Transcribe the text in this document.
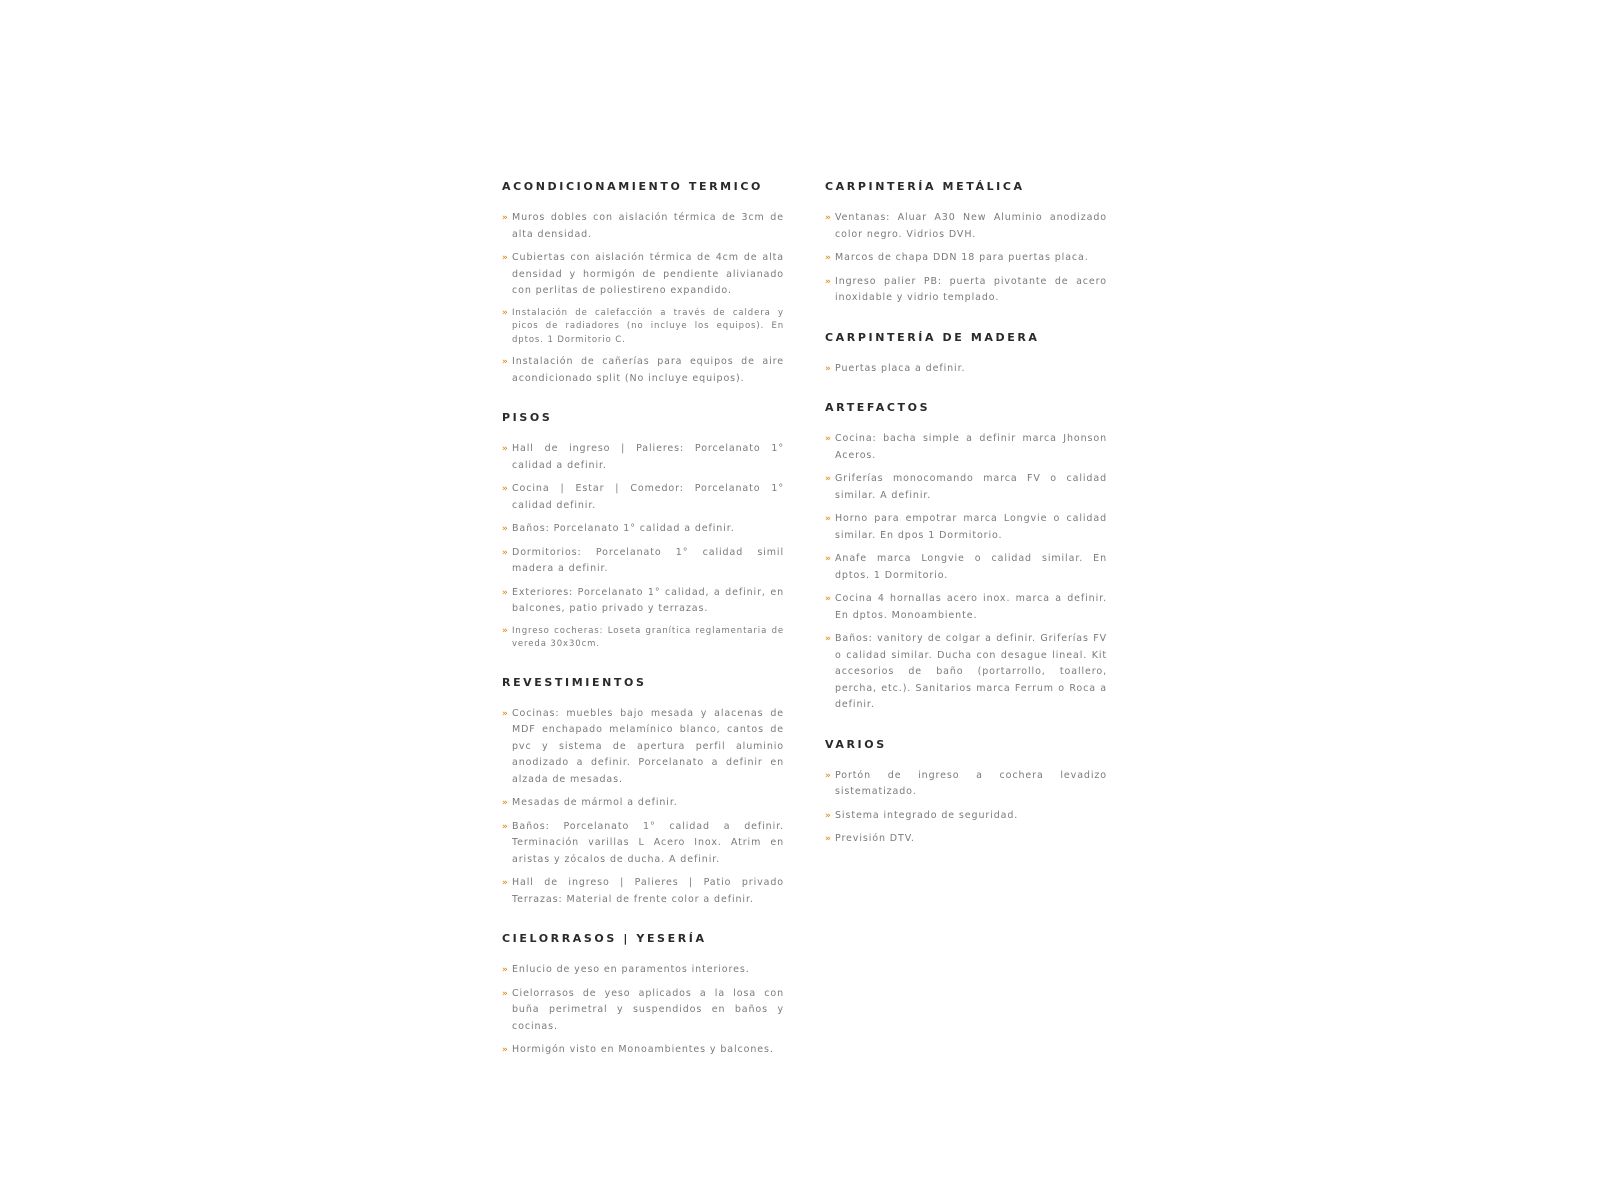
ACONDICIONAMIENTO TERMICO
» Muros dobles con aislación térmica de 3cm de alta densidad.
» Cubiertas con aislación térmica de 4cm de alta densidad y hormigón de pendiente alivianado con perlitas de poliestireno expandido.
» Instalación de calefacción a través de caldera y picos de radiadores (no incluye los equipos). En dptos. 1 Dormitorio C.
» Instalación de cañerías para equipos de aire acondicionado split (No incluye equipos).
PISOS
» Hall de ingreso | Palieres: Porcelanato 1° calidad a definir.
» Cocina | Estar | Comedor: Porcelanato 1° calidad definir.
» Baños: Porcelanato 1° calidad a definir.
» Dormitorios: Porcelanato 1° calidad simil madera a definir.
» Exteriores: Porcelanato 1° calidad, a definir, en balcones, patio privado y terrazas.
» Ingreso cocheras: Loseta granítica reglamentaria de vereda 30x30cm.
REVESTIMIENTOS
» Cocinas: muebles bajo mesada y alacenas de MDF enchapado melamínico blanco, cantos de pvc y sistema de apertura perfil aluminio anodizado a definir. Porcelanato a definir en alzada de mesadas.
» Mesadas de mármol a definir.
» Baños: Porcelanato 1° calidad a definir. Terminación varillas L Acero Inox. Atrim en aristas y zócalos de ducha. A definir.
» Hall de ingreso | Palieres | Patio privado Terrazas: Material de frente color a definir.
CIELORRASOS | YESERÍA
» Enlucio de yeso en paramentos interiores.
» Cielorrasos de yeso aplicados a la losa con buña perimetral y suspendidos en baños y cocinas.
» Hormigón visto en Monoambientes y balcones.
CARPINTERÍA METÁLICA
» Ventanas: Aluar A30 New Aluminio anodizado color negro. Vidrios DVH.
» Marcos de chapa DDN 18 para puertas placa.
» Ingreso palier PB: puerta pivotante de acero inoxidable y vidrio templado.
CARPINTERÍA DE MADERA
» Puertas placa a definir.
ARTEFACTOS
» Cocina: bacha simple a definir marca Jhonson Aceros.
» Griferías monocomando marca FV o calidad similar. A definir.
» Horno para empotrar marca Longvie o calidad similar. En dpos 1 Dormitorio.
» Anafe marca Longvie o calidad similar. En dptos. 1 Dormitorio.
» Cocina 4 hornallas acero inox. marca a definir. En dptos. Monoambiente.
» Baños: vanitory de colgar a definir. Griferías FV o calidad similar. Ducha con desague lineal. Kit accesorios de baño (portarrollo, toallero, percha, etc.). Sanitarios marca Ferrum o Roca a definir.
VARIOS
» Portón de ingreso a cochera levadizo sistematizado.
» Sistema integrado de seguridad.
» Previsión DTV.
